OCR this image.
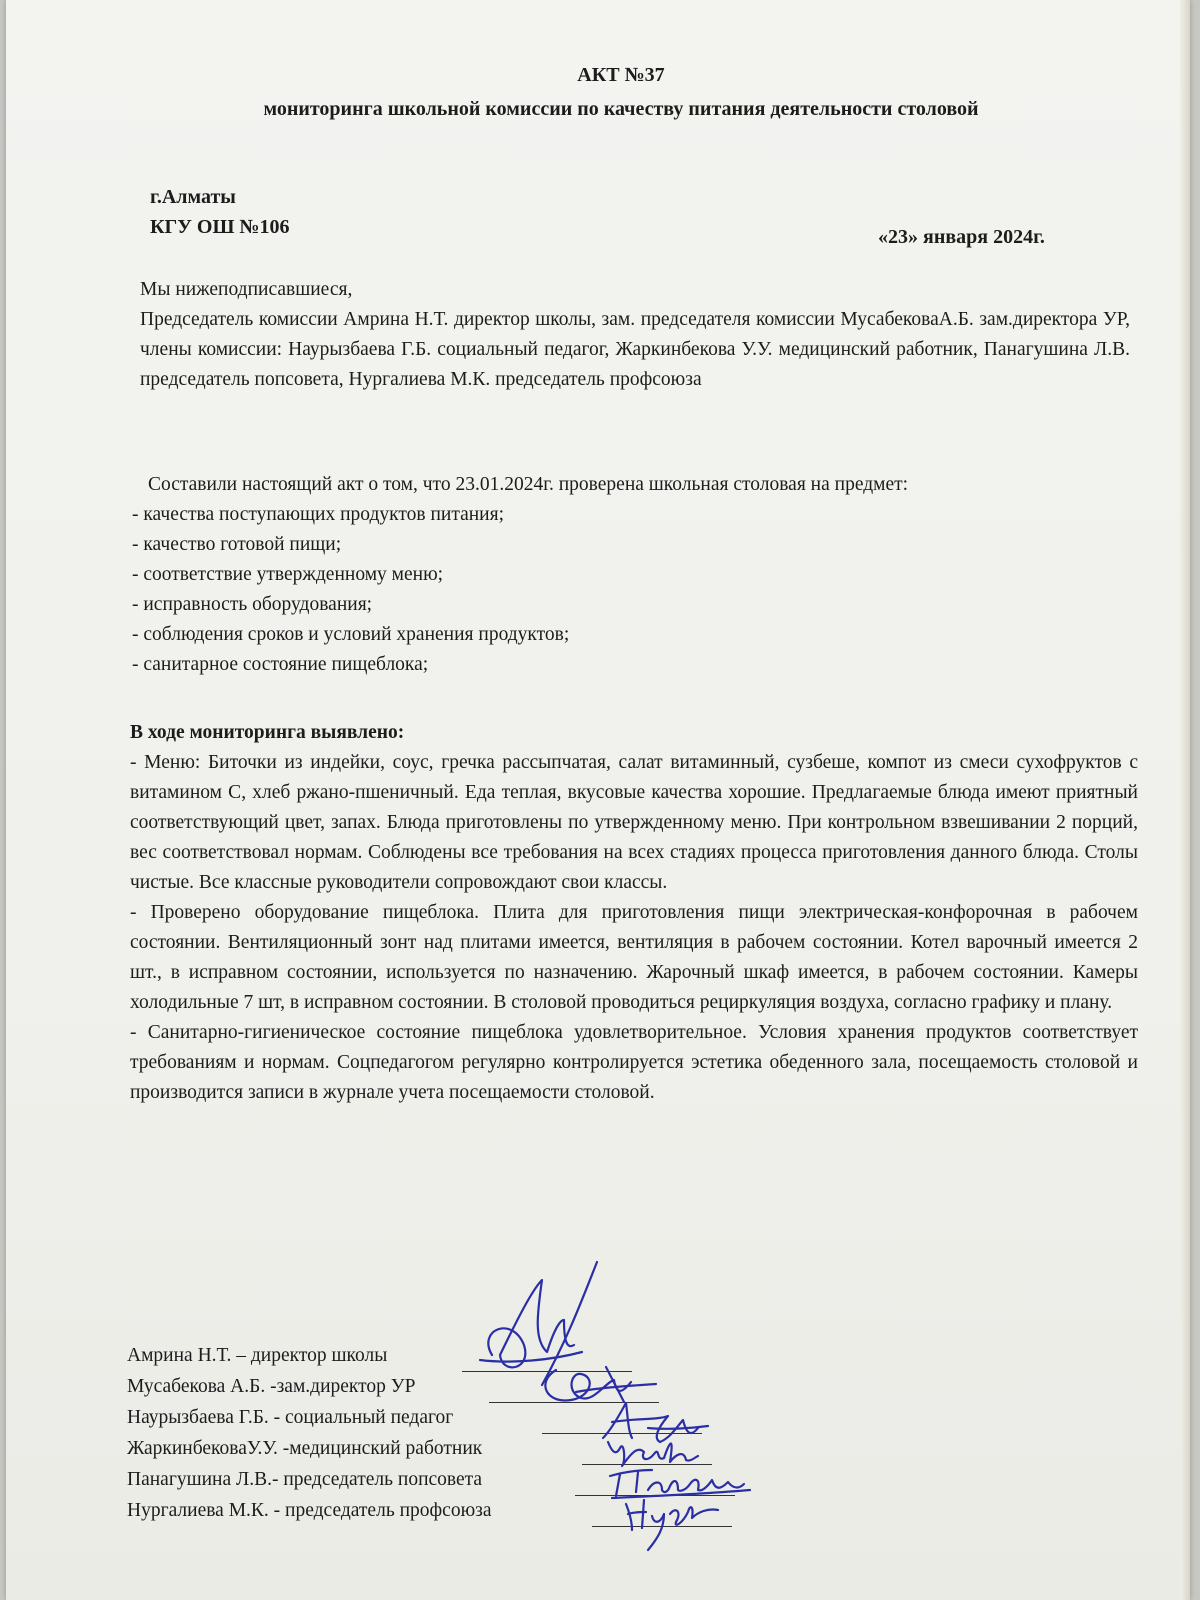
АКТ №37
мониторинга школьной комиссии по качеству питания деятельности столовой
г.Алматы
КГУ ОШ №106	«23» января 2024г.

Мы нижеподписавшиеся,

Председатель комиссии Амрина Н.Т. директор школы, зам. председателя комиссии МусабековаА.Б. зам.директора УР, члены комиссии: Наурызбаева Г.Б. социальный педагог, Жаркинбекова У.У. медицинский работник, Панагушина Л.В. председатель попсовета, Нургалиева М.К. председатель профсоюза

Составили настоящий акт о том, что 23.01.2024г. проверена школьная столовая на предмет:

- качества поступающих продуктов питания;

- качество готовой пищи;

- соответствие утвержденному меню;

- исправность оборудования;

- соблюдения сроков и условий хранения продуктов;

- санитарное состояние пищеблока;

В ходе мониторинга выявлено:

- Меню: Биточки из индейки, соус, гречка рассыпчатая, салат витаминный, сузбеше, компот из смеси сухофруктов с витамином С, хлеб ржано-пшеничный. Еда теплая, вкусовые качества хорошие. Предлагаемые блюда имеют приятный соответствующий цвет, запах. Блюда приготовлены по утвержденному меню. При контрольном взвешивании 2 порций, вес соответствовал нормам. Соблюдены все требования на всех стадиях процесса приготовления данного блюда. Столы чистые. Все классные руководители сопровождают свои классы.

- Проверено оборудование пищеблока. Плита для приготовления пищи электрическая-конфорочная в рабочем состоянии. Вентиляционный зонт над плитами имеется, вентиляция в рабочем состоянии. Котел варочный имеется 2 шт., в исправном состоянии, используется по назначению. Жарочный шкаф имеется, в рабочем состоянии. Камеры холодильные 7 шт, в исправном состоянии. В столовой проводиться рециркуляция воздуха, согласно графику и плану.

- Санитарно-гигиеническое состояние пищеблока удовлетворительное. Условия хранения продуктов соответствует требованиям и нормам. Соцпедагогом регулярно контролируется эстетика обеденного зала, посещаемость столовой и производится записи в журнале учета посещаемости столовой.

Амрина Н.Т. – директор школы
Мусабекова А.Б. -зам.директор УР
Наурызбаева Г.Б. - социальный педагог
ЖаркинбековаУ.У. -медицинский работник
Панагушина Л.В.- председатель попсовета
Нургалиева М.К. - председатель профсоюза
